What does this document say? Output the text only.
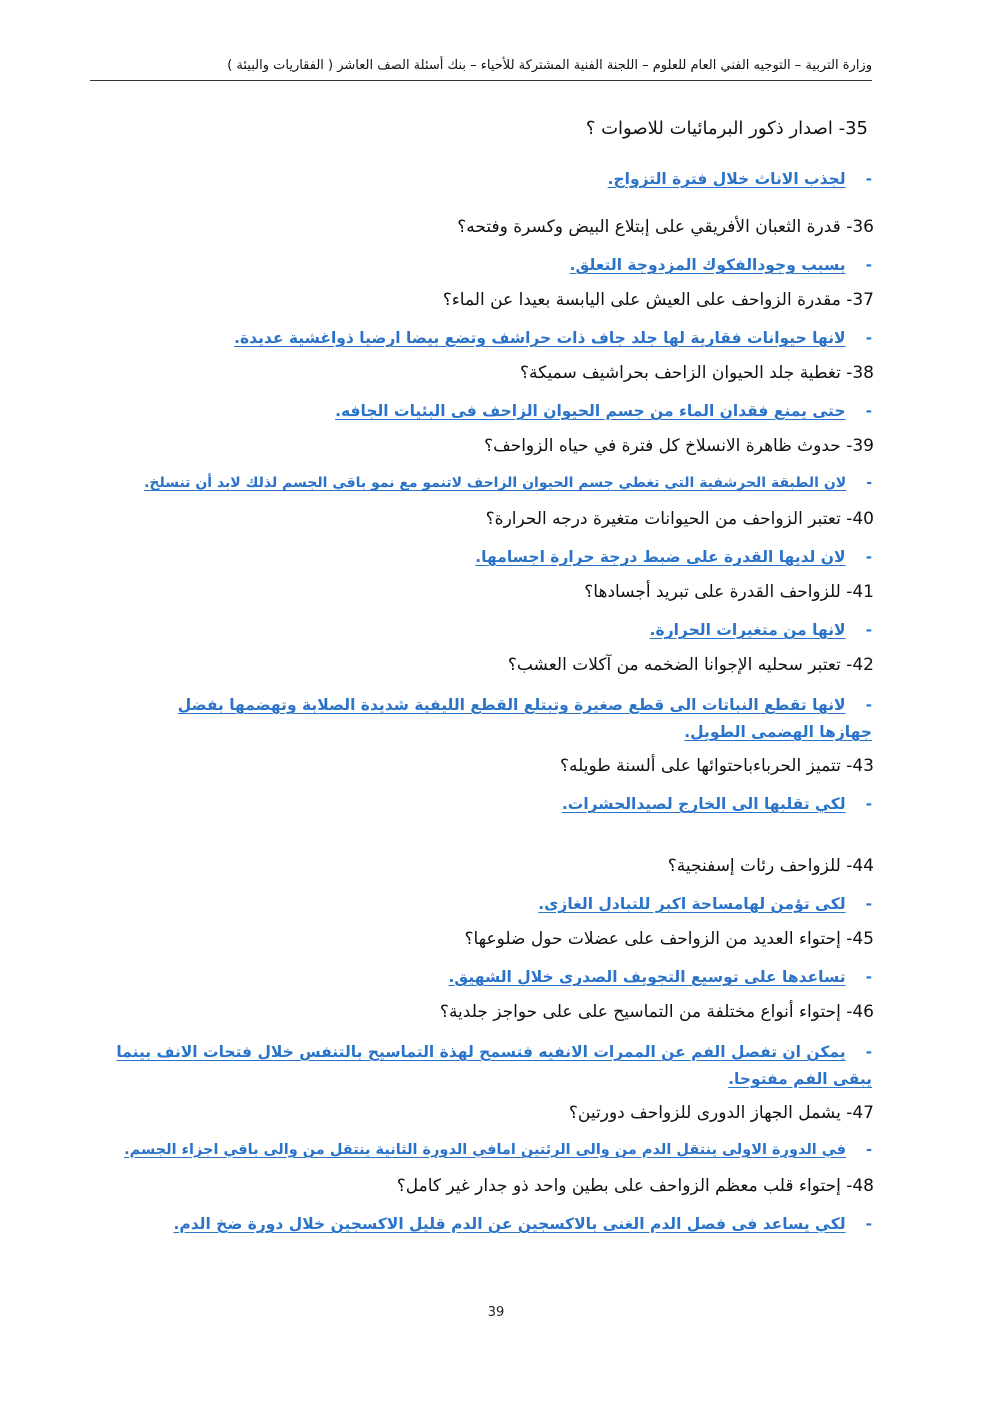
وزارة التربية – التوجيه الفني العام للعلوم – اللجنة الفنية المشتركة للأحياء – بنك أسئلة الصف العاشر ( الفقاريات والبيئة )
35- اصدار ذكور البرمائيات للاصوات ؟
-لجذب الاناث خلال فترة التزواج.
36- قدرة الثعبان الأفريقي على إبتلاع البيض وكسرة وفتحه؟
-بسبب وجودالفكوك المزدوجة التعلق.
37- مقدرة الزواحف على العيش على اليابسة بعيدا عن الماء؟
-لانها حيوانات فقارية لها جلد جاف ذات حراشف وتضع بيضا ارضيا ذواغشية عديدة.
38- تغطية جلد الحيوان الزاحف بحراشيف سميكة؟
-حتى يمنع فقدان الماء من جسم الحيوان الزاحف فى البئيات الجافه.
39- حدوث ظاهرة الانسلاخ كل فترة في حياه الزواحف؟
-لان الطبقة الحرشفية التي تغطي جسم الحيوان الزاحف لاتنمو مع نمو باقي الجسم لذلك لابد أن تنسلخ.
40- تعتبر الزواحف من الحيوانات متغيرة درجه الحرارة؟
-لان لديها القدرة على ضبط درجة حرارة اجسامها.
41- للزواحف القدرة على تبريد أجسادها؟
-لانها من متغيرات الحرارة.
42- تعتبر سحليه الإجوانا الضخمه من آكلات العشب؟
-لانها تقطع النباتات الى قطع صغيرة وتبتلع القطع الليفية شديدة الصلابة وتهضمها بفضل جهازها الهضمى الطويل.
43- تتميز الحرباءباحتوائها على ألسنة طويله؟
-لكي تقلبها الى الخارج لصيدالحشرات.
44- للزواحف رئات إسفنجية؟
-لكى تؤمن لهامساحة اكبر للتبادل الغازى.
45- إحتواء العديد من الزواحف على عضلات حول ضلوعها؟
-تساعدها على توسيع التجويف الصدرى خلال الشهيق.
46- إحتواء أنواع مختلفة من التماسيح على على حواجز جلدية؟
-يمكن ان تفصل الفم عن الممرات الانفيه فتسمح لهذة التماسيح بالتنفس خلال فتحات الانف بينما يبقى الفم مفتوحا.
47- يشمل الجهاز الدورى للزواحف دورتين؟
-في الدورة الاولى ينتقل الدم من والى الرئتين امافي الدورة الثانية ينتقل من والى باقي اجزاء الجسم.
48- إحتواء قلب معظم الزواحف على بطين واحد ذو جدار غير كامل؟
-لكي يساعد فى فصل الدم الغنى بالاكسجين عن الدم قليل الاكسجين خلال دورة ضخ الدم.
39
